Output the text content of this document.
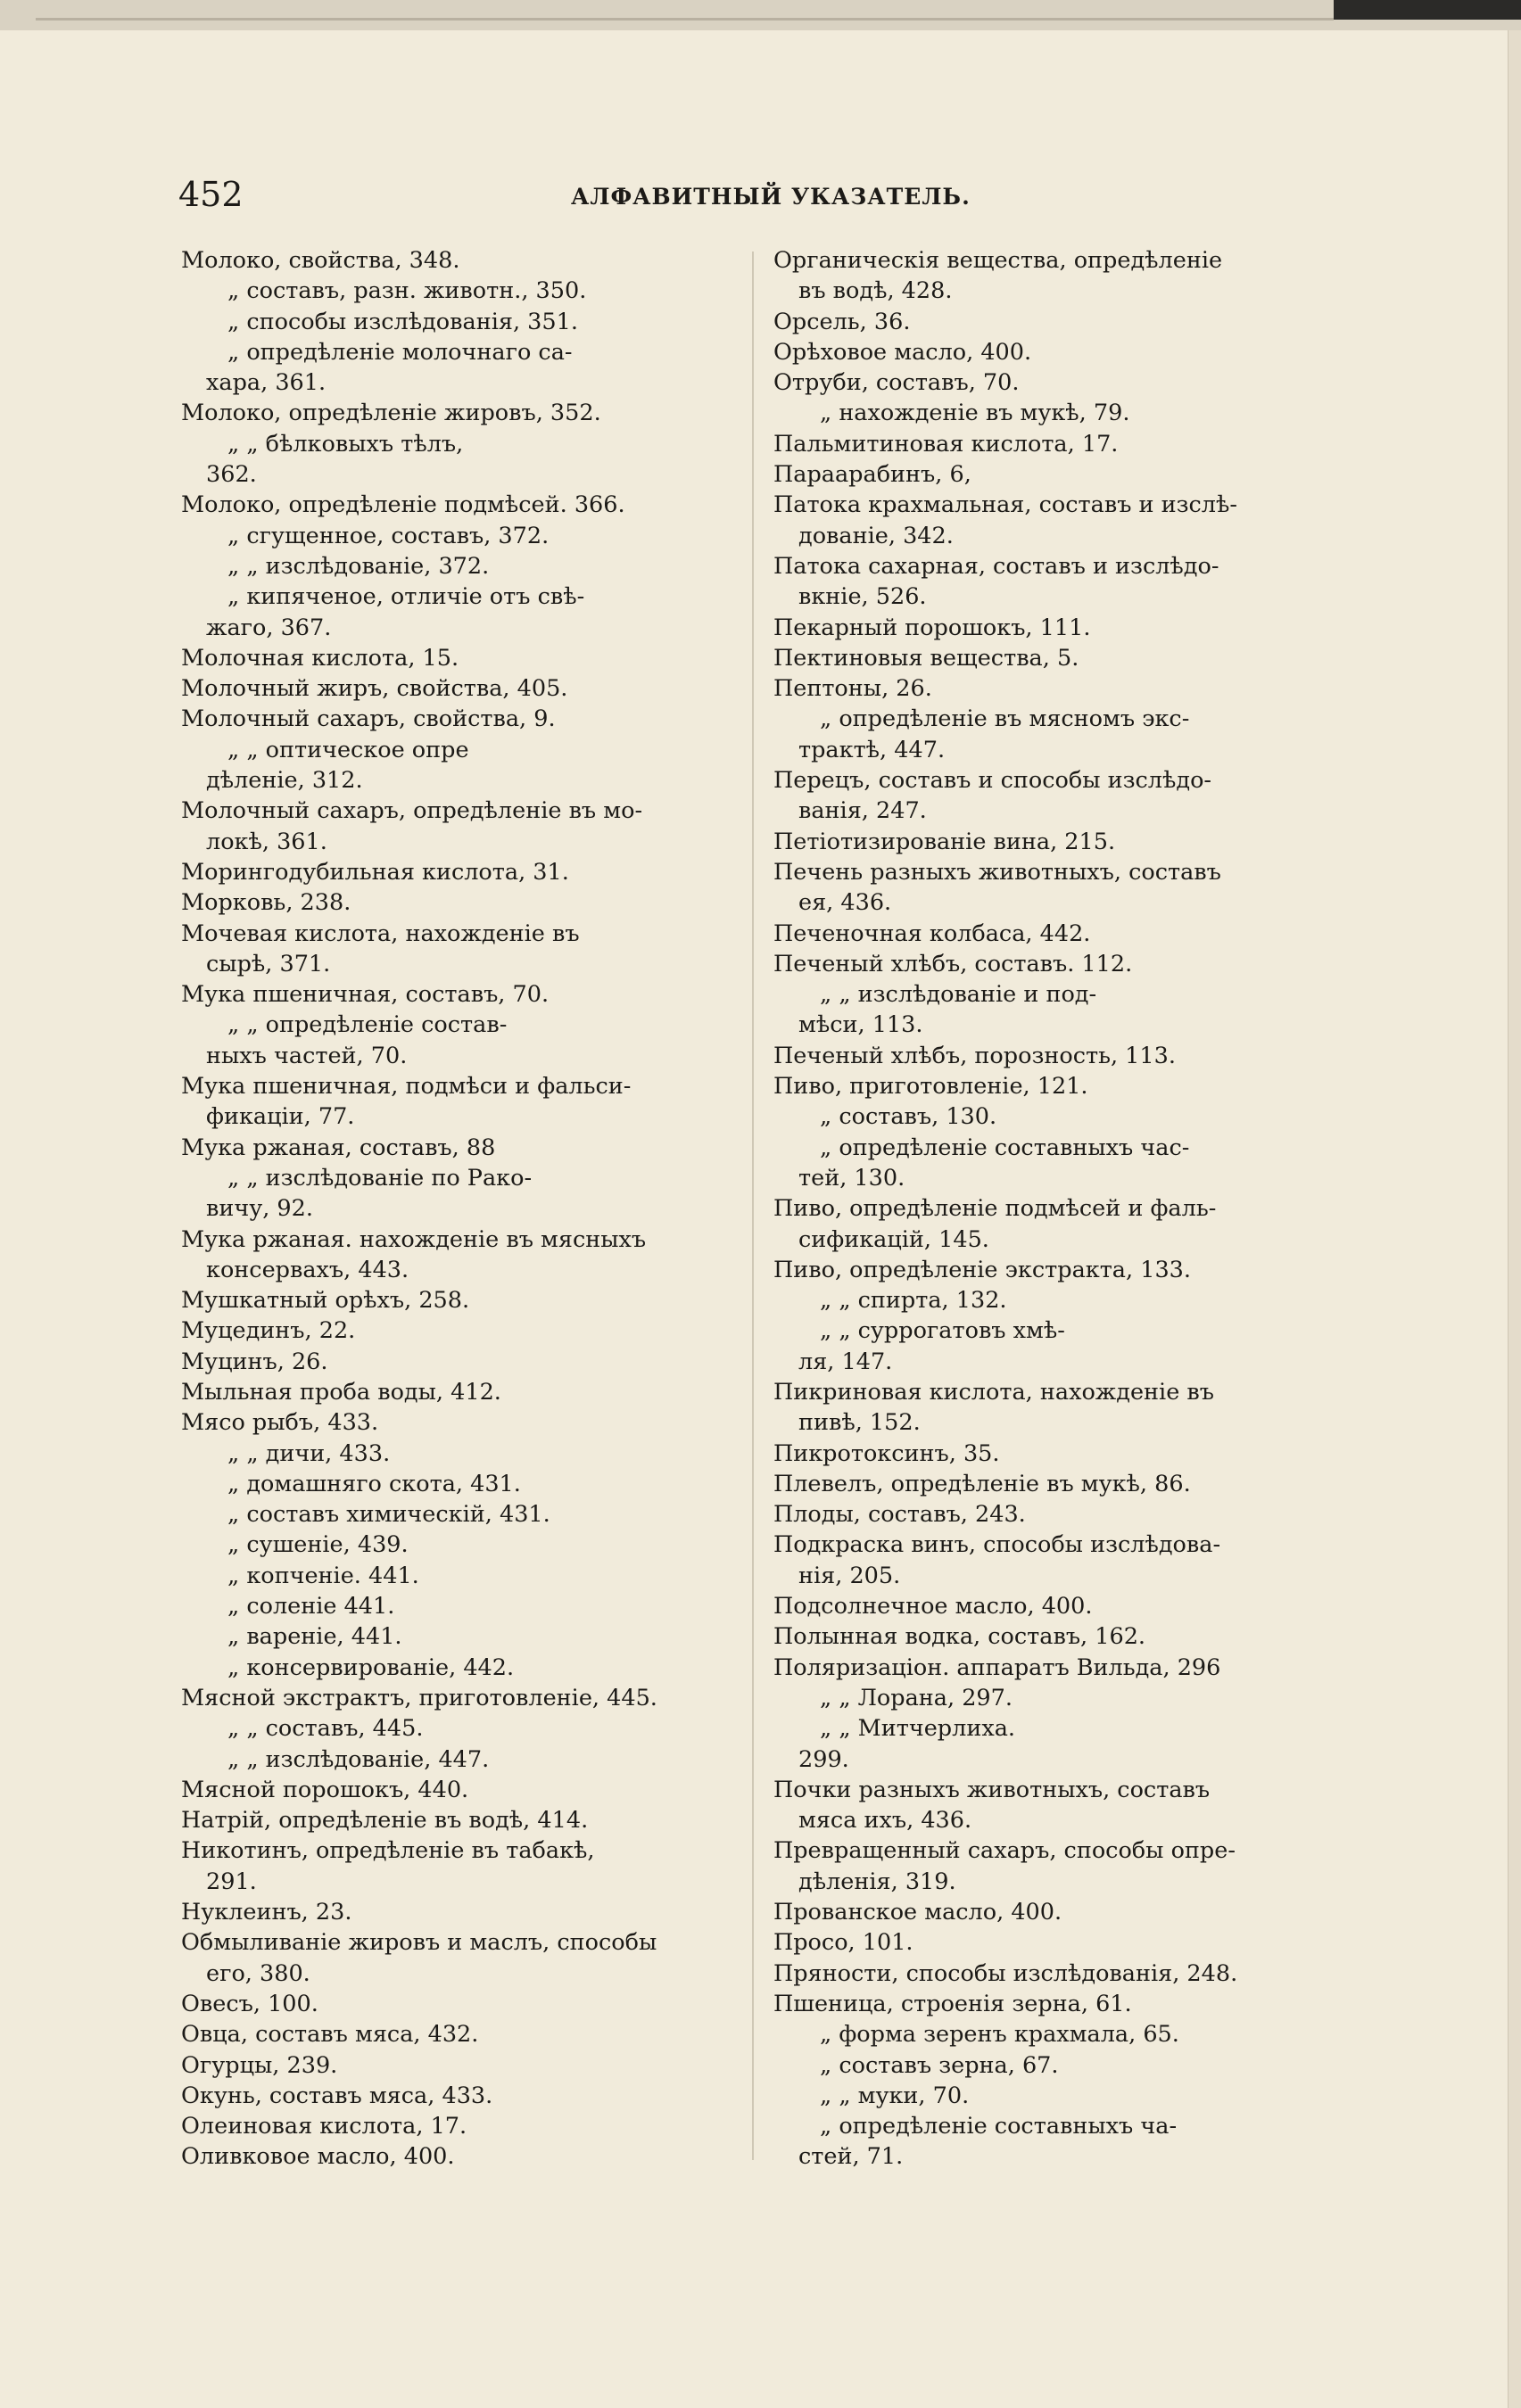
452	АЛФАВИТНЫЙ УКАЗАТЕЛЬ.
Молоко, свойства, 348.
„ составъ, разн. животн., 350.
„ способы изслѣдованія, 351.
„ опредѣленіе молочнаго са-
хара, 361.
Молоко, опредѣленіе жировъ, 352.
„ „ бѣлковыхъ тѣлъ,
362.
Молоко, опредѣленіе подмѣсей. 366.
„ сгущенное, составъ, 372.
„ „ изслѣдованіе, 372.
„ кипяченое, отличіе отъ свѣ-
жаго, 367.
Молочная кислота, 15.
Молочный жиръ, свойства, 405.
Молочный сахаръ, свойства, 9.
„ „ оптическое опре
дѣленіе, 312.
Молочный сахаръ, опредѣленіе въ мо-
локѣ, 361.
Морингодубильная кислота, 31.
Морковь, 238.
Мочевая кислота, нахожденіе въ
сырѣ, 371.
Мука пшеничная, составъ, 70.
„ „ опредѣленіе состав-
ныхъ частей, 70.
Мука пшеничная, подмѣси и фальси-
фикаціи, 77.
Мука ржаная, составъ, 88
„ „ изслѣдованіе по Рако-
вичу, 92.
Мука ржаная. нахожденіе въ мясныхъ
консервахъ, 443.
Мушкатный орѣхъ, 258.
Муцединъ, 22.
Муцинъ, 26.
Мыльная проба воды, 412.
Мясо рыбъ, 433.
„ „ дичи, 433.
„ домашняго скота, 431.
„ составъ химическій, 431.
„ сушеніе, 439.
„ копченіе. 441.
„ соленіе 441.
„ вареніе, 441.
„ консервированіе, 442.
Мясной экстрактъ, приготовленіе, 445.
„ „ составъ, 445.
„ „ изслѣдованіе, 447.
Мясной порошокъ, 440.
Натрій, опредѣленіе въ водѣ, 414.
Никотинъ, опредѣленіе въ табакѣ,
291.
Нуклеинъ, 23.
Обмыливаніе жировъ и маслъ, способы
его, 380.
Овесъ, 100.
Овца, составъ мяса, 432.
Огурцы, 239.
Окунь, составъ мяса, 433.
Олеиновая кислота, 17.
Оливковое масло, 400.
Органическія вещества, опредѣленіе
въ водѣ, 428.
Орсель, 36.
Орѣховое масло, 400.
Отруби, составъ, 70.
„ нахожденіе въ мукѣ, 79.
Пальмитиновая кислота, 17.
Параарабинъ, 6,
Патока крахмальная, составъ и изслѣ-
дованіе, 342.
Патока сахарная, составъ и изслѣдо-
вкніе, 526.
Пекарный порошокъ, 111.
Пектиновыя вещества, 5.
Пептоны, 26.
„ опредѣленіе въ мясномъ экс-
трактѣ, 447.
Перецъ, составъ и способы изслѣдо-
ванія, 247.
Петіотизированіе вина, 215.
Печень разныхъ животныхъ, составъ
ея, 436.
Печеночная колбаса, 442.
Печеный хлѣбъ, составъ. 112.
„ „ изслѣдованіе и под-
мѣси, 113.
Печеный хлѣбъ, порозность, 113.
Пиво, приготовленіе, 121.
„ составъ, 130.
„ опредѣленіе составныхъ час-
тей, 130.
Пиво, опредѣленіе подмѣсей и фаль-
сификацій, 145.
Пиво, опредѣленіе экстракта, 133.
„ „ спирта, 132.
„ „ суррогатовъ хмѣ-
ля, 147.
Пикриновая кислота, нахожденіе въ
пивѣ, 152.
Пикротоксинъ, 35.
Плевелъ, опредѣленіе въ мукѣ, 86.
Плоды, составъ, 243.
Подкраска винъ, способы изслѣдова-
нія, 205.
Подсолнечное масло, 400.
Полынная водка, составъ, 162.
Поляризаціон. аппаратъ Вильда, 296
„ „ Лорана, 297.
„ „ Митчерлиха.
299.
Почки разныхъ животныхъ, составъ
мяса ихъ, 436.
Превращенный сахаръ, способы опре-
дѣленія, 319.
Прованское масло, 400.
Просо, 101.
Пряности, способы изслѣдованія, 248.
Пшеница, строенія зерна, 61.
„ форма зеренъ крахмала, 65.
„ составъ зерна, 67.
„ „ муки, 70.
„ опредѣленіе составныхъ ча-
стей, 71.
